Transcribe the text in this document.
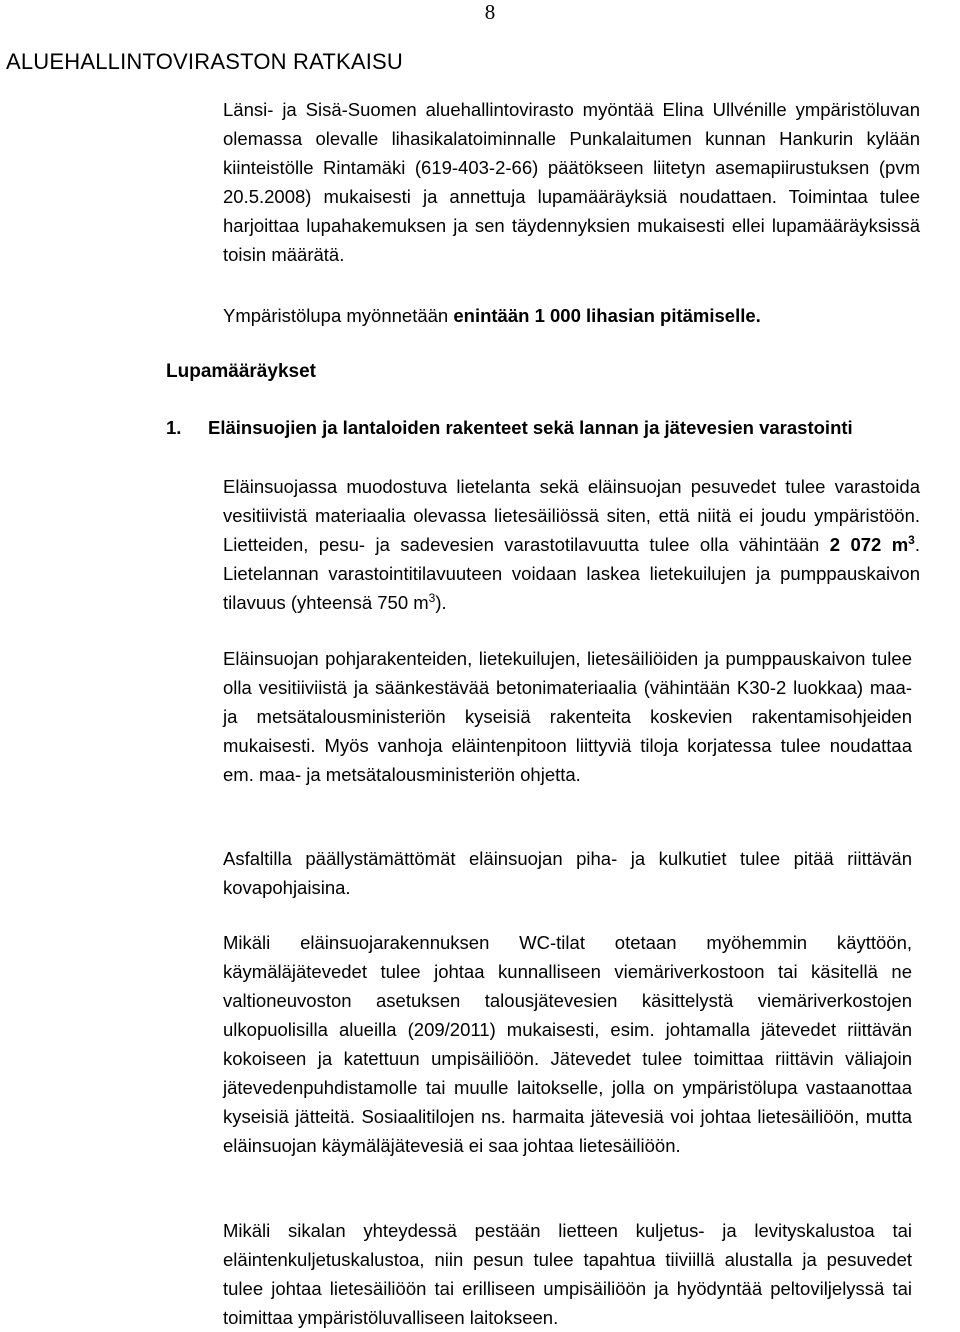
8
ALUEHALLINTOVIRASTON RATKAISU

Länsi- ja Sisä-Suomen aluehallintovirasto myöntää Elina Ullvénille ympäristöluvan olemassa olevalle lihasikalatoiminnalle Punkalaitumen kunnan Hankurin kylään kiinteistölle Rintamäki (619-403-2-66) päätökseen liitetyn asemapiirustuksen (pvm 20.5.2008) mukaisesti ja annettuja lupamääräyksiä noudattaen. Toimintaa tulee harjoittaa lupahakemuksen ja sen täydennyksien mukaisesti ellei lupamääräyksissä toisin määrätä.

Ympäristölupa myönnetään enintään 1 000 lihasian pitämiselle.

Lupamääräykset
1. Eläinsuojien ja lantaloiden rakenteet sekä lannan ja jätevesien varastointi

Eläinsuojassa muodostuva lietelanta sekä eläinsuojan pesuvedet tulee varastoida vesitiivistä materiaalia olevassa lietesäiliössä siten, että niitä ei joudu ympäristöön. Lietteiden, pesu- ja sadevesien varastotilavuutta tulee olla vähintään 2 072 $m^3$. Lietelannan varastointitilavuuteen voidaan laskea lietekuilujen ja pumppauskaivon tilavuus (yhteensä 750 $m^3$).

Eläinsuojan pohjarakenteiden, lietekuilujen, lietesäiliöiden ja pumppauskaivon tulee olla vesitiiviistä ja säänkestävää betonimateriaalia (vähintään K30-2 luokkaa) maa- ja metsätalousministeriön kyseisiä rakenteita koskevien rakentamisohjeiden mukaisesti. Myös vanhoja eläintenpitoon liittyviä tiloja korjatessa tulee noudattaa em. maa- ja metsätalousministeriön ohjetta.

Asfaltilla päällystämättömät eläinsuojan piha- ja kulkutiet tulee pitää riittävän kovapohjaisina.

Mikäli eläinsuojarakennuksen WC-tilat otetaan myöhemmin käyttöön, käymäläjätevedet tulee johtaa kunnalliseen viemäriverkostoon tai käsitellä ne valtioneuvoston asetuksen talousjätevesien käsittelystä viemäriverkostojen ulkopuolisilla alueilla (209/2011) mukaisesti, esim. johtamalla jätevedet riittävän kokoiseen ja katettuun umpisäiliöön. Jätevedet tulee toimittaa riittävin väliajoin jätevedenpuhdistamolle tai muulle laitokselle, jolla on ympäristölupa vastaanottaa kyseisiä jätteitä. Sosiaalitilojen ns. harmaita jätevesiä voi johtaa lietesäiliöön, mutta eläinsuojan käymäläjätevesiä ei saa johtaa lietesäiliöön.

Mikäli sikalan yhteydessä pestään lietteen kuljetus- ja levityskalustoa tai eläintenkuljetuskalustoa, niin pesun tulee tapahtua tiiviillä alustalla ja pesuvedet tulee johtaa lietesäiliöön tai erilliseen umpisäiliöön ja hyödyntää peltoviljelyssä tai toimittaa ympäristöluvalliseen laitokseen.
